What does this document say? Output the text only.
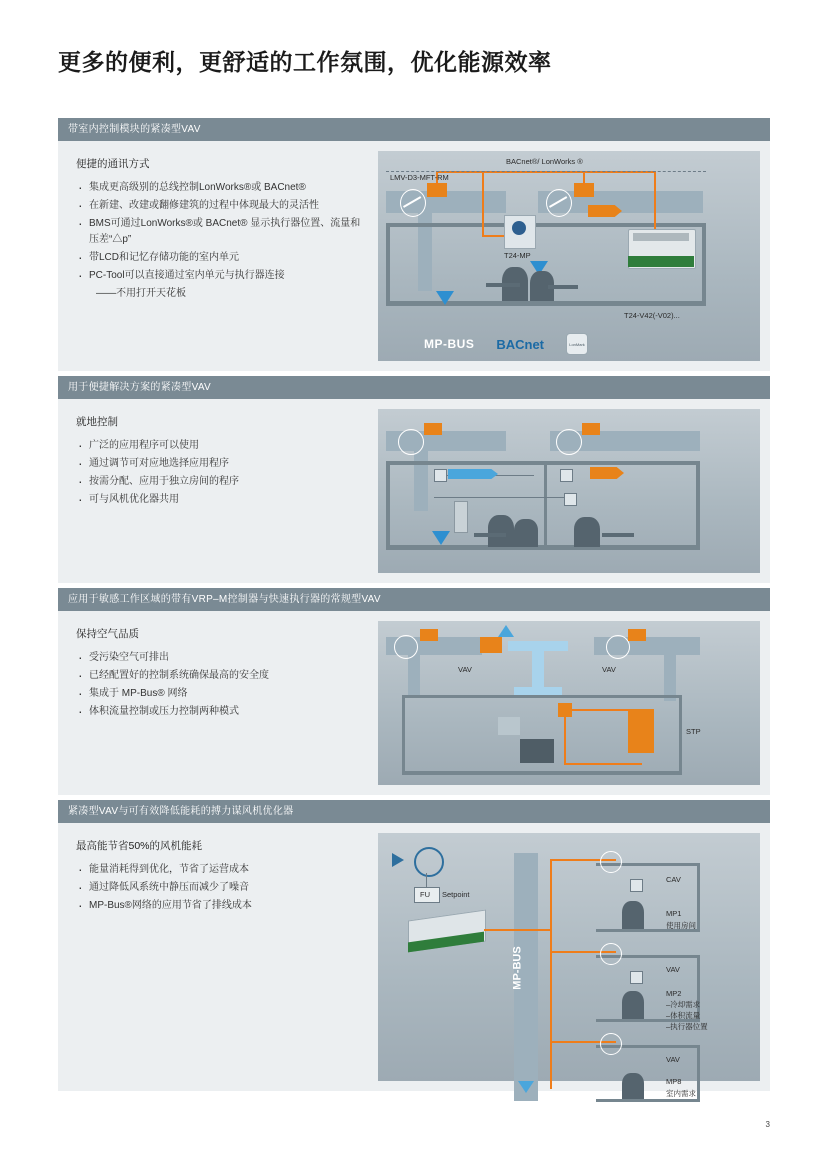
更多的便利，更舒适的工作氛围，优化能源效率
带室内控制模块的紧凑型VAV
便捷的通讯方式
· 集成更高级别的总线控制LonWorks®或 BACnet®
· 在新建、改建或翻修建筑的过程中体现最大的灵活性
· BMS可通过LonWorks®或 BACnet® 显示执行器位置、流量和压差“△p”
· 带LCD和记忆存储功能的室内单元
· PC-Tool可以直接通过室内单元与执行器连接
——不用打开天花板
BACnet®/ LonWorks ®
LMV-D3-MFT-RM
T24-MP
T24-V42(-V02)...
MP-BUS BACnet	LonMark
用于便捷解决方案的紧凑型VAV
就地控制
· 广泛的应用程序可以使用
· 通过调节可对应地选择应用程序
· 按需分配、应用于独立房间的程序
· 可与风机优化器共用
应用于敏感工作区域的带有VRP–M控制器与快速执行器的常规型VAV
保持空气品质
· 受污染空气可排出
· 已经配置好的控制系统确保最高的安全度
· 集成于 MP-Bus® 网络
· 体积流量控制或压力控制两种模式
VAV	VAV
STP
紧凑型VAV与可有效降低能耗的搏力谋风机优化器
最高能节省50%的风机能耗
· 能量消耗得到优化，节省了运营成本
· 通过降低风系统中静压而减少了噪音
· MP-Bus®网络的应用节省了排线成本
FU Setpoint
MP-BUS
CAV
MP1
使用房间
VAV
MP2
–冷却需求
–体积流量
–执行器位置
VAV
MP8
室内需求
3
